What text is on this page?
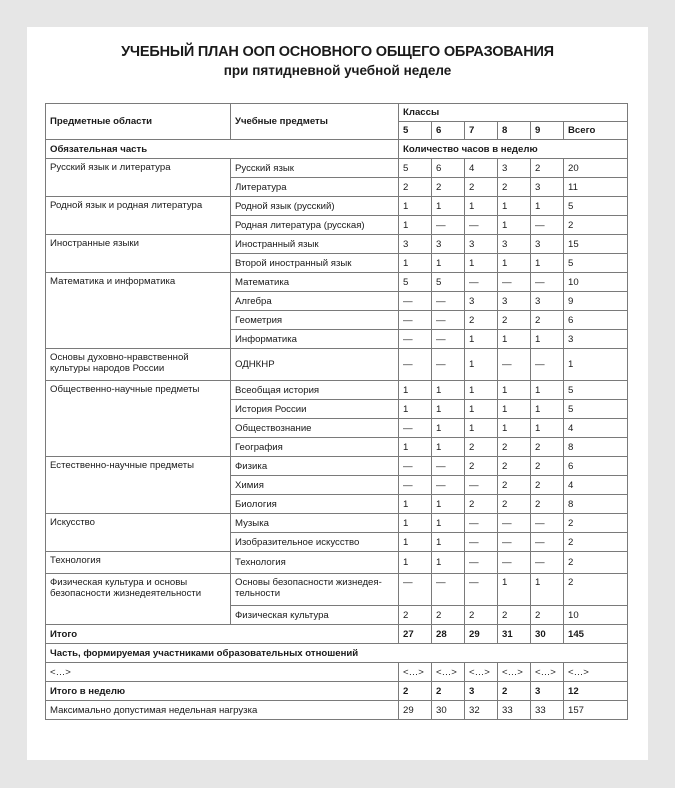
УЧЕБНЫЙ ПЛАН ООП ОСНОВНОГО ОБЩЕГО ОБРАЗОВАНИЯ
при пятидневной учебной неделе
Предметные области	Учебные предметы	Классы					
		5	6	7	8	9	Всего
Обязательная часть		Количество часов в неделю					
Русский язык и литература	Русский язык	5	6	4	3	2	20
	Литература	2	2	2	2	3	11
Родной язык и родная литература	Родной язык (русский)	1	1	1	1	1	5
	Родная литература (русская)	1	—	—	1	—	2
Иностранные языки	Иностранный язык	3	3	3	3	3	15
	Второй иностранный язык	1	1	1	1	1	5
Математика и информатика	Математика	5	5	—	—	—	10
	Алгебра	—	—	3	3	3	9
	Геометрия	—	—	2	2	2	6
	Информатика	—	—	1	1	1	3
Основы духовно-нравственной культуры народов России	ОДНКНР	—	—	1	—	—	1
Общественно-научные предметы	Всеобщая история	1	1	1	1	1	5
	История России	1	1	1	1	1	5
	Обществознание	—	1	1	1	1	4
	География	1	1	2	2	2	8
Естественно-научные предметы	Физика	—	—	2	2	2	6
	Химия	—	—	—	2	2	4
	Биология	1	1	2	2	2	8
Искусство	Музыка	1	1	—	—	—	2
	Изобразительное искусство	1	1	—	—	—	2
Технология	Технология	1	1	—	—	—	2
Физическая культура и основы безопасности жизнедеятельности	Основы безопасности жизнедея-тельности	—	—	—	1	1	2
	Физическая культура	2	2	2	2	2	10
Итого		27	28	29	31	30	145
Часть, формируемая участниками образовательных отношений							
<…>		<…>	<…>	<…>	<…>	<…>	<…>
Итого в неделю		2	2	3	2	3	12
Максимально допустимая недельная нагрузка		29	30	32	33	33	157
